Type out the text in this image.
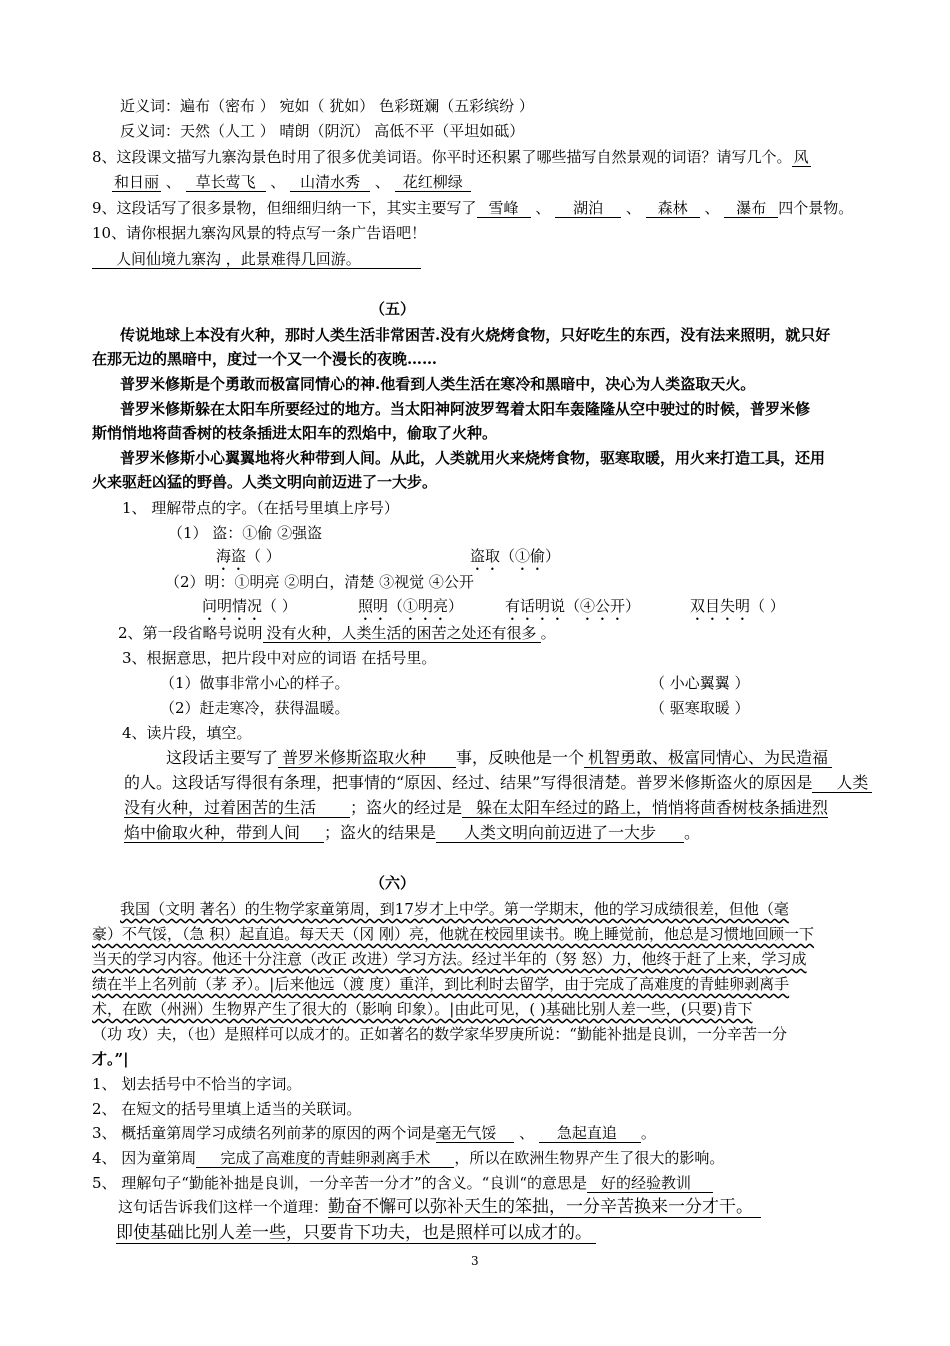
近义词：遍布（密布 ） 宛如（ 犹如） 色彩斑斓（五彩缤纷 ）
反义词：天然（人工 ） 晴朗（阴沉） 高低不平（平坦如砥）
8、这段课文描写九寨沟景色时用了很多优美词语。你平时还积累了哪些描写自然景观的词语？请写几个。 风
和日丽 、 草长莺飞 、 山清水秀 、 花红柳绿
9、这段话写了很多景物，但细细归纳一下，其实主要写了 雪峰 、 湖泊 、 森林 、 瀑布 四个景物。
10、请你根据九寨沟风景的特点写一条广告语吧！
人间仙境九寨沟 ，此景难得几回游。
（五）
传说地球上本没有火种，那时人类生活非常困苦.没有火烧烤食物，只好吃生的东西，没有法来照明，就只好
在那无边的黑暗中，度过一个又一个漫长的夜晚……
普罗米修斯是个勇敢而极富同情心的神.他看到人类生活在寒冷和黑暗中，决心为人类盗取天火。
普罗米修斯躲在太阳车所要经过的地方。当太阳神阿波罗驾着太阳车轰隆隆从空中驶过的时候，普罗米修
斯悄悄地将茴香树的枝条插进太阳车的烈焰中，偷取了火种。
普罗米修斯小心翼翼地将火种带到人间。从此，人类就用火来烧烤食物，驱寒取暖，用火来打造工具，还用
火来驱赶凶猛的野兽。人类文明向前迈进了一大步。
1、 理解带点的字。（在括号里填上序号）
（1） 盗：①偷 ②强盗
海盗（ ）	盗取（①偷）
（2）明：①明亮 ②明白，清楚 ③视觉 ④公开
问明情况（ ）	照明（①明亮）	有话明说（④公开）	双目失明（ ）
2、第一段省略号说明 没有火种，人类生活的困苦之处还有很多 。
3、根据意思，把片段中对应的词语 在括号里。
（1）做事非常小心的样子。	（ 小心翼翼 ）
（2）赶走寒冷，获得温暖。	（ 驱寒取暖 ）
4、读片段，填空。
这段话主要写了 普罗米修斯盗取火种 事，反映他是一个 机智勇敢、极富同情心、为民造福
的人。这段话写得很有条理，把事情的“原因、经过、结果”写得很清楚。普罗米修斯盗火的原因是 人类
没有火种，过着困苦的生活 ；盗火的经过是 躲在太阳车经过的路上，悄悄将茴香树枝条插进烈
焰中偷取火种，带到人间 ；盗火的结果是 人类文明向前迈进了一大步 。
（六）
我国（文明 著名）的生物学家童第周，到17岁才上中学。第一学期末，他的学习成绩很差，但他（毫
豪）不气馁，（急 积）起直追。每天天（冈 刚）亮，他就在校园里读书。晚上睡觉前，他总是习惯地回顾一下
当天的学习内容。他还十分注意（改正 改进）学习方法。经过半年的（努 怒）力，他终于赶了上来，学习成
绩在半上名列前（茅 矛）。|后来他远（渡 度）重洋，到比利时去留学，由于完成了高难度的青蛙卵剥离手
术，在欧（州洲）生物界产生了很大的（影响 印象）。|由此可见，( )基础比别人差一些，(只要)肯下
（功 攻）夫，（也）是照样可以成才的。正如著名的数学家华罗庚所说：“勤能补拙是良训，一分辛苦一分
才。”|
1、 划去括号中不恰当的字词。
2、 在短文的括号里填上适当的关联词。
3、 概括童第周学习成绩名列前茅的原因的两个词是毫无气馁 、 急起直追 。
4、 因为童第周 完成了高难度的青蛙卵剥离手术 ，所以在欧洲生物界产生了很大的影响。
5、 理解句子“勤能补拙是良训，一分辛苦一分才”的含义。“良训“的意思是 好的经验教训
这句话告诉我们这样一个道理：勤奋不懈可以弥补天生的笨拙，一分辛苦换来一分才干。
即使基础比别人差一些，只要肯下功夫，也是照样可以成才的。
3
